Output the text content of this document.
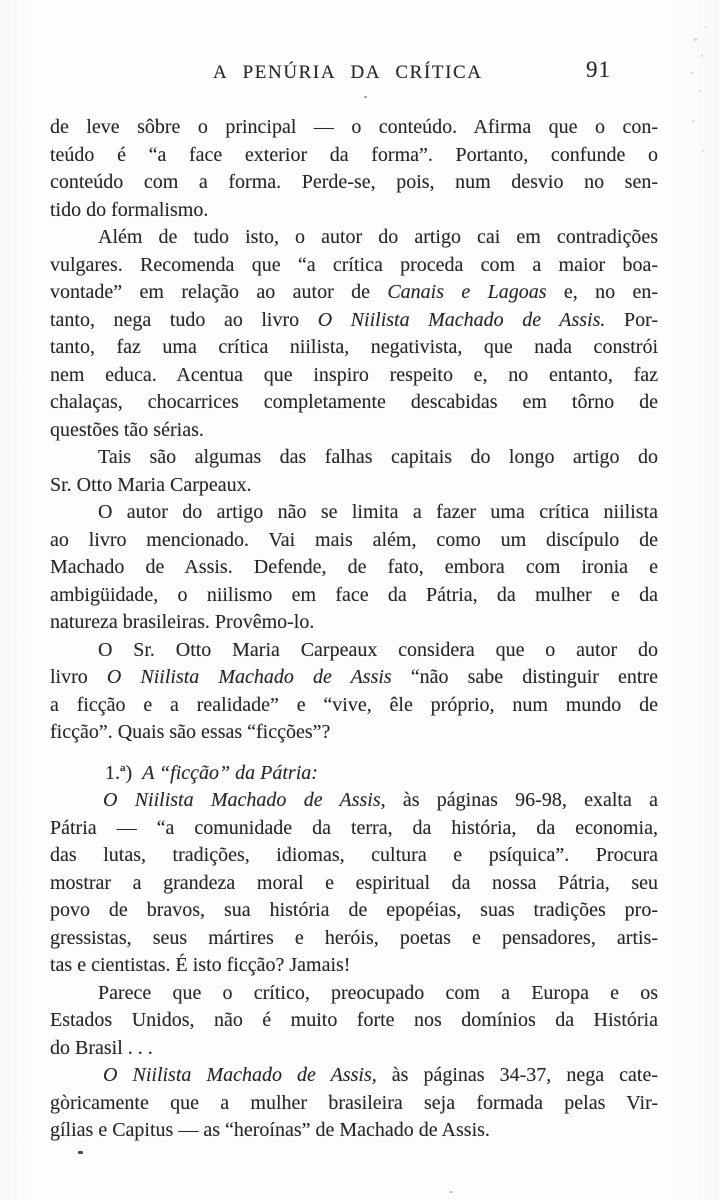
A PENÚRIA DA CRÍTICA	91
de leve sôbre o principal — o conteúdo. Afirma que o con-
teúdo é “a face exterior da forma”. Portanto, confunde o
conteúdo com a forma. Perde-se, pois, num desvio no sen-
tido do formalismo.
Além de tudo isto, o autor do artigo cai em contradições
vulgares. Recomenda que “a crítica proceda com a maior boa-
vontade” em relação ao autor de Canais e Lagoas e, no en-
tanto, nega tudo ao livro O Niilista Machado de Assis. Por-
tanto, faz uma crítica niilista, negativista, que nada constrói
nem educa. Acentua que inspiro respeito e, no entanto, faz
chalaças, chocarrices completamente descabidas em tôrno de
questões tão sérias.
Tais são algumas das falhas capitais do longo artigo do
Sr. Otto Maria Carpeaux.
O autor do artigo não se limita a fazer uma crítica niilista
ao livro mencionado. Vai mais além, como um discípulo de
Machado de Assis. Defende, de fato, embora com ironia e
ambigüidade, o niilismo em face da Pátria, da mulher e da
natureza brasileiras. Provêmo-lo.
O Sr. Otto Maria Carpeaux considera que o autor do
livro O Niilista Machado de Assis “não sabe distinguir entre
a ficção e a realidade” e “vive, êle próprio, num mundo de
ficção”. Quais são essas “ficções”?
1.ª) A “ficção” da Pátria:
O Niilista Machado de Assis, às páginas 96-98, exalta a
Pátria — “a comunidade da terra, da história, da economia,
das lutas, tradições, idiomas, cultura e psíquica”. Procura
mostrar a grandeza moral e espiritual da nossa Pátria, seu
povo de bravos, sua história de epopéias, suas tradições pro-
gressistas, seus mártires e heróis, poetas e pensadores, artis-
tas e cientistas. É isto ficção? Jamais!
Parece que o crítico, preocupado com a Europa e os
Estados Unidos, não é muito forte nos domínios da História
do Brasil . . .
O Niilista Machado de Assis, às páginas 34-37, nega cate-
gòricamente que a mulher brasileira seja formada pelas Vir-
gílias e Capitus — as “heroínas” de Machado de Assis.
